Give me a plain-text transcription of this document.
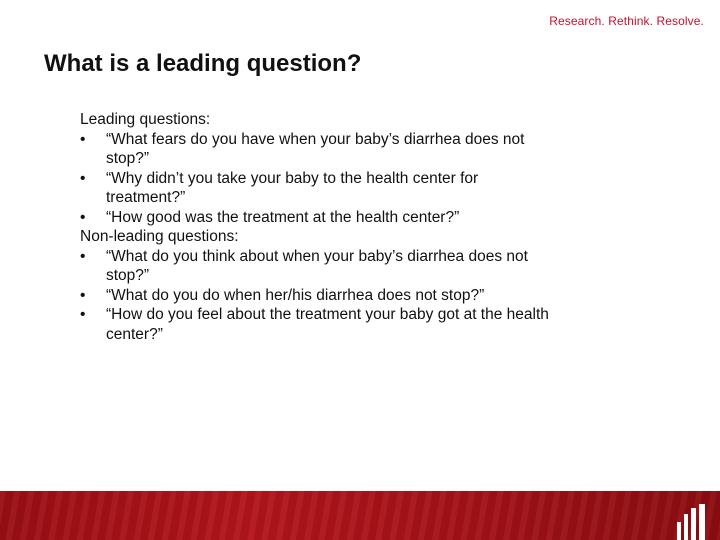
Research. Rethink. Resolve.
What is a leading question?

Leading questions:

• “What fears do you have when your baby’s diarrhea does not stop?”
• “Why didn’t you take your baby to the health center for treatment?”
• “How good was the treatment at the health center?”

Non-leading questions:

• “What do you think about when your baby’s diarrhea does not stop?”
• “What do you do when her/his diarrhea does not stop?”
• “How do you feel about the treatment your baby got at the health center?”
